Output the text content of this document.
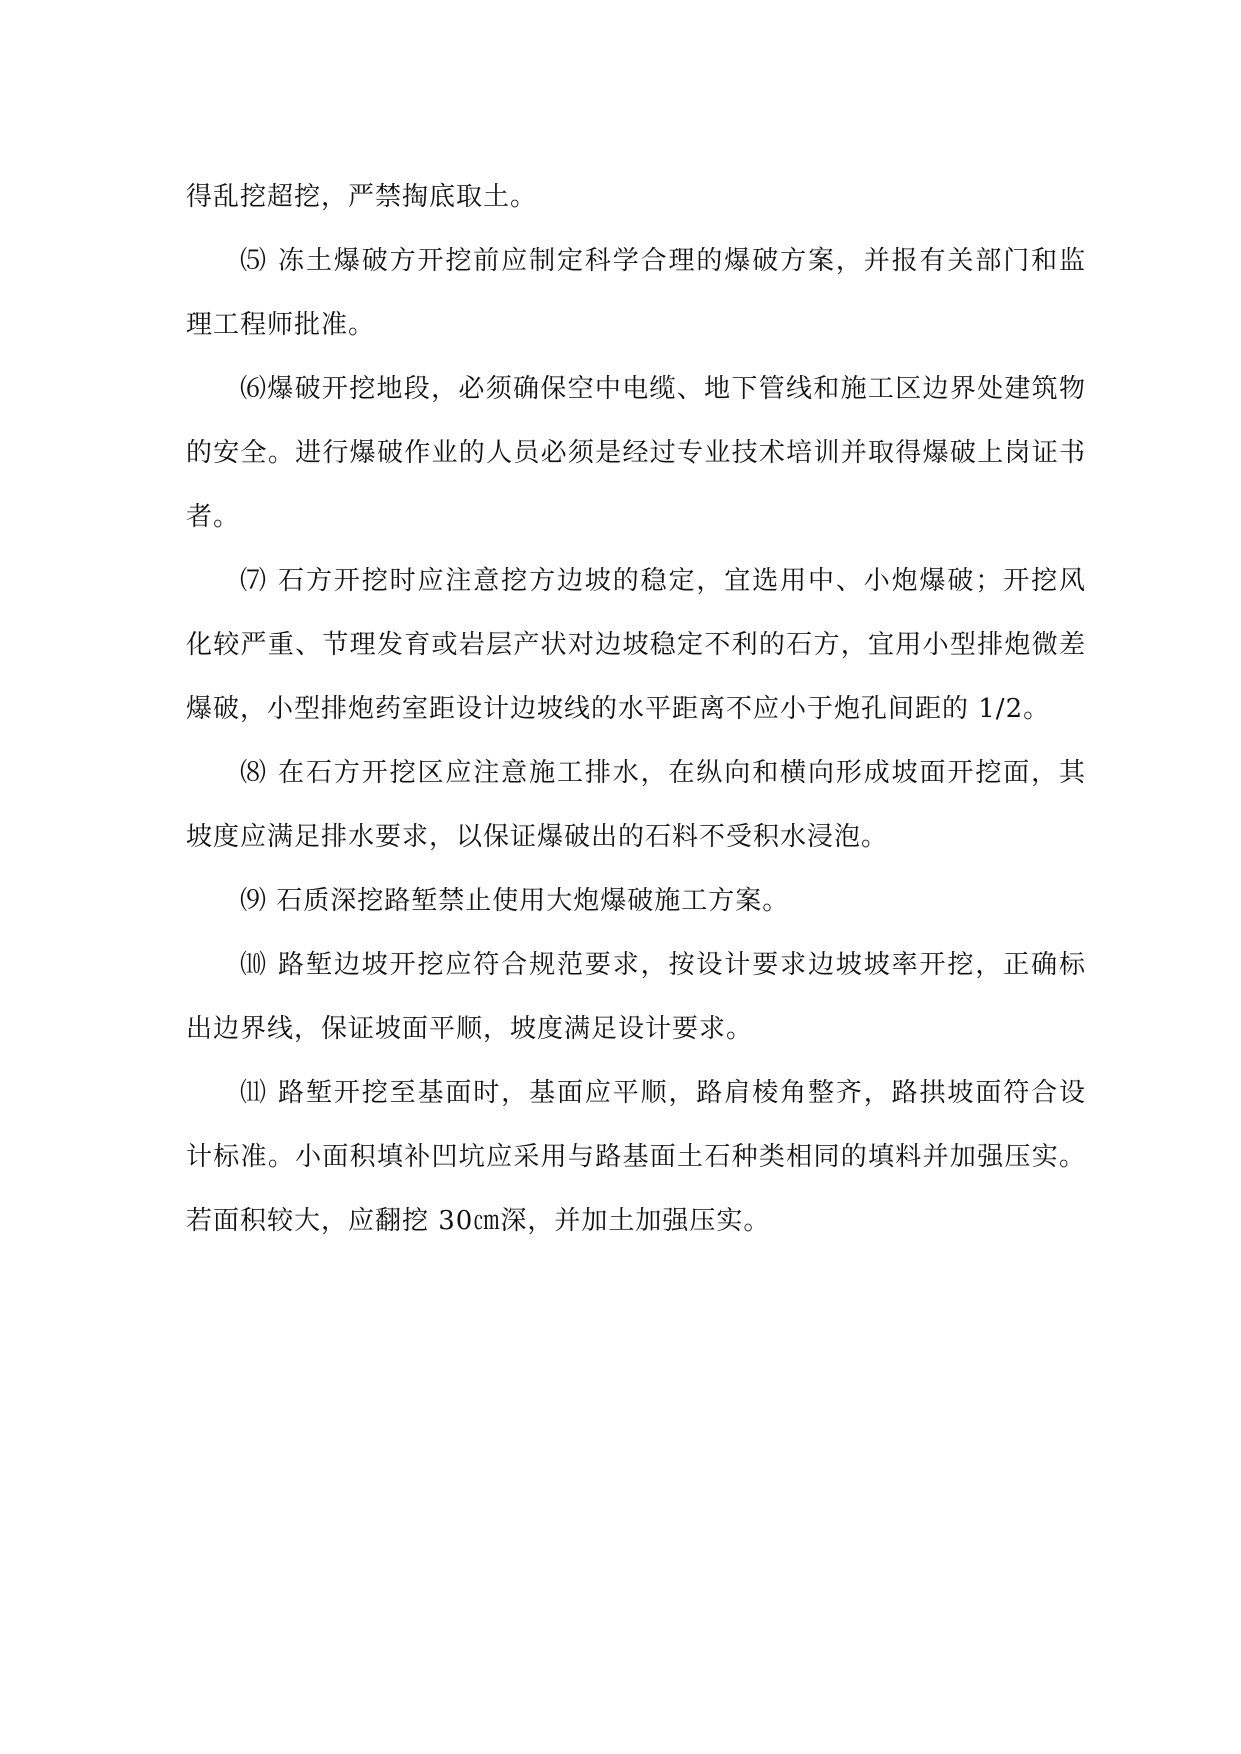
得乱挖超挖，严禁掏底取土。

⑸ 冻土爆破方开挖前应制定科学合理的爆破方案，并报有关部门和监理工程师批准。

⑹爆破开挖地段，必须确保空中电缆、地下管线和施工区边界处建筑物的安全。进行爆破作业的人员必须是经过专业技术培训并取得爆破上岗证书者。

⑺ 石方开挖时应注意挖方边坡的稳定，宜选用中、小炮爆破；开挖风化较严重、节理发育或岩层产状对边坡稳定不利的石方，宜用小型排炮微差爆破，小型排炮药室距设计边坡线的水平距离不应小于炮孔间距的 1/2。

⑻ 在石方开挖区应注意施工排水，在纵向和横向形成坡面开挖面，其坡度应满足排水要求，以保证爆破出的石料不受积水浸泡。

⑼ 石质深挖路堑禁止使用大炮爆破施工方案。

⑽ 路堑边坡开挖应符合规范要求，按设计要求边坡坡率开挖，正确标出边界线，保证坡面平顺，坡度满足设计要求。

⑾ 路堑开挖至基面时，基面应平顺，路肩棱角整齐，路拱坡面符合设计标准。小面积填补凹坑应采用与路基面土石种类相同的填料并加强压实。若面积较大，应翻挖 30㎝深，并加土加强压实。
